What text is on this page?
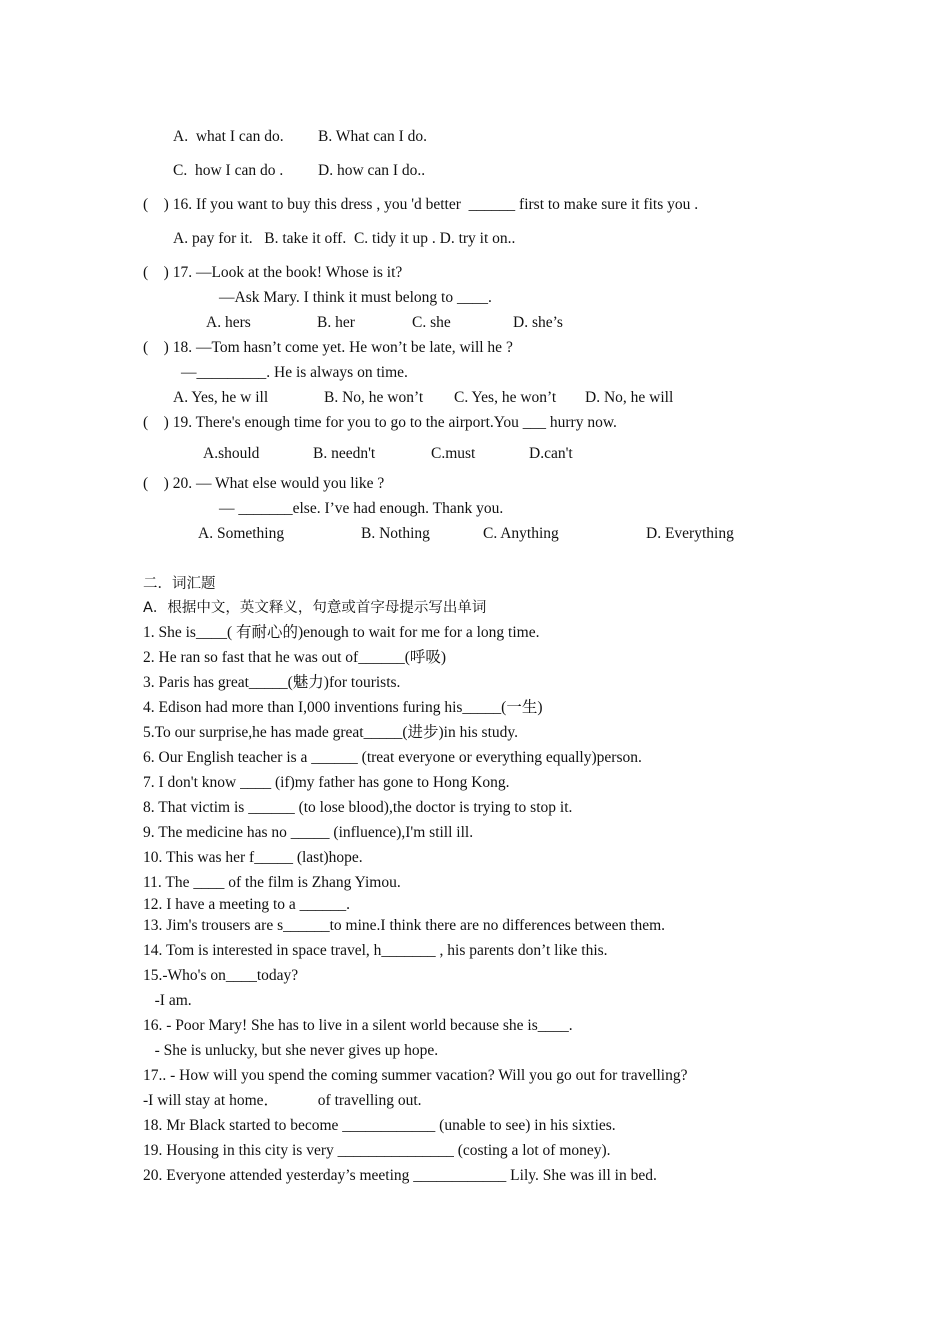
A.  what I can do. B. What can I do.
C.  how I can do . D. how can I do..
(    ) 16. If you want to buy this dress , you 'd better  ______ first to make sure it fits you .
A. pay for it.   B. take it off.  C. tidy it up . D. try it on..
(    ) 17. —Look at the book! Whose is it?
—Ask Mary. I think it must belong to ____.
A. hers	B. her	C. she	D. she’s
(    ) 18. —Tom hasn’t come yet. He won’t be late, will he ?
—_________. He is always on time.
A. Yes, he w ill	B. No, he won’t C. Yes, he won’t D. No, he will
(    ) 19. There's enough time for you to go to the airport.You ___ hurry now.
A.should	B. needn't	C.must	D.can't
(    ) 20. — What else would you like ?
— _______else. I’ve had enough. Thank you.
A. Something	B. Nothing	C. Anything	D. Everything
二．词汇题
A．根据中文，英文释义，句意或首字母提示写出单词
1. She is____( 有耐心的)enough to wait for me for a long time.
2. He ran so fast that he was out of______(呼吸)
3. Paris has great_____(魅力)for tourists.
4. Edison had more than I,000 inventions furing his_____(一生)
5.To our surprise,he has made great_____(进步)in his study.
6. Our English teacher is a ______ (treat everyone or everything equally)person.
7. I don't know ____ (if)my father has gone to Hong Kong.
8. That victim is ______ (to lose blood),the doctor is trying to stop it.
9. The medicine has no _____ (influence),I'm still ill.
10. This was her f_____ (last)hope.
11. The ____ of the film is Zhang Yimou.
12. I have a meeting to a ______.
13. Jim's trousers are s______to mine.I think there are no differences between them.
14. Tom is interested in space travel, h_______ , his parents don’t like this.
15.-Who's on____today?
-I am.
16. - Poor Mary! She has to live in a silent world because she is____.
- She is unlucky, but she never gives up hope.
17.. - How will you spend the coming summer vacation? Will you go out for travelling?
-I will stay at home．          of travelling out.
18. Mr Black started to become ____________ (unable to see) in his sixties.
19. Housing in this city is very _______________ (costing a lot of money).
20. Everyone attended yesterday’s meeting ____________ Lily. She was ill in bed.
